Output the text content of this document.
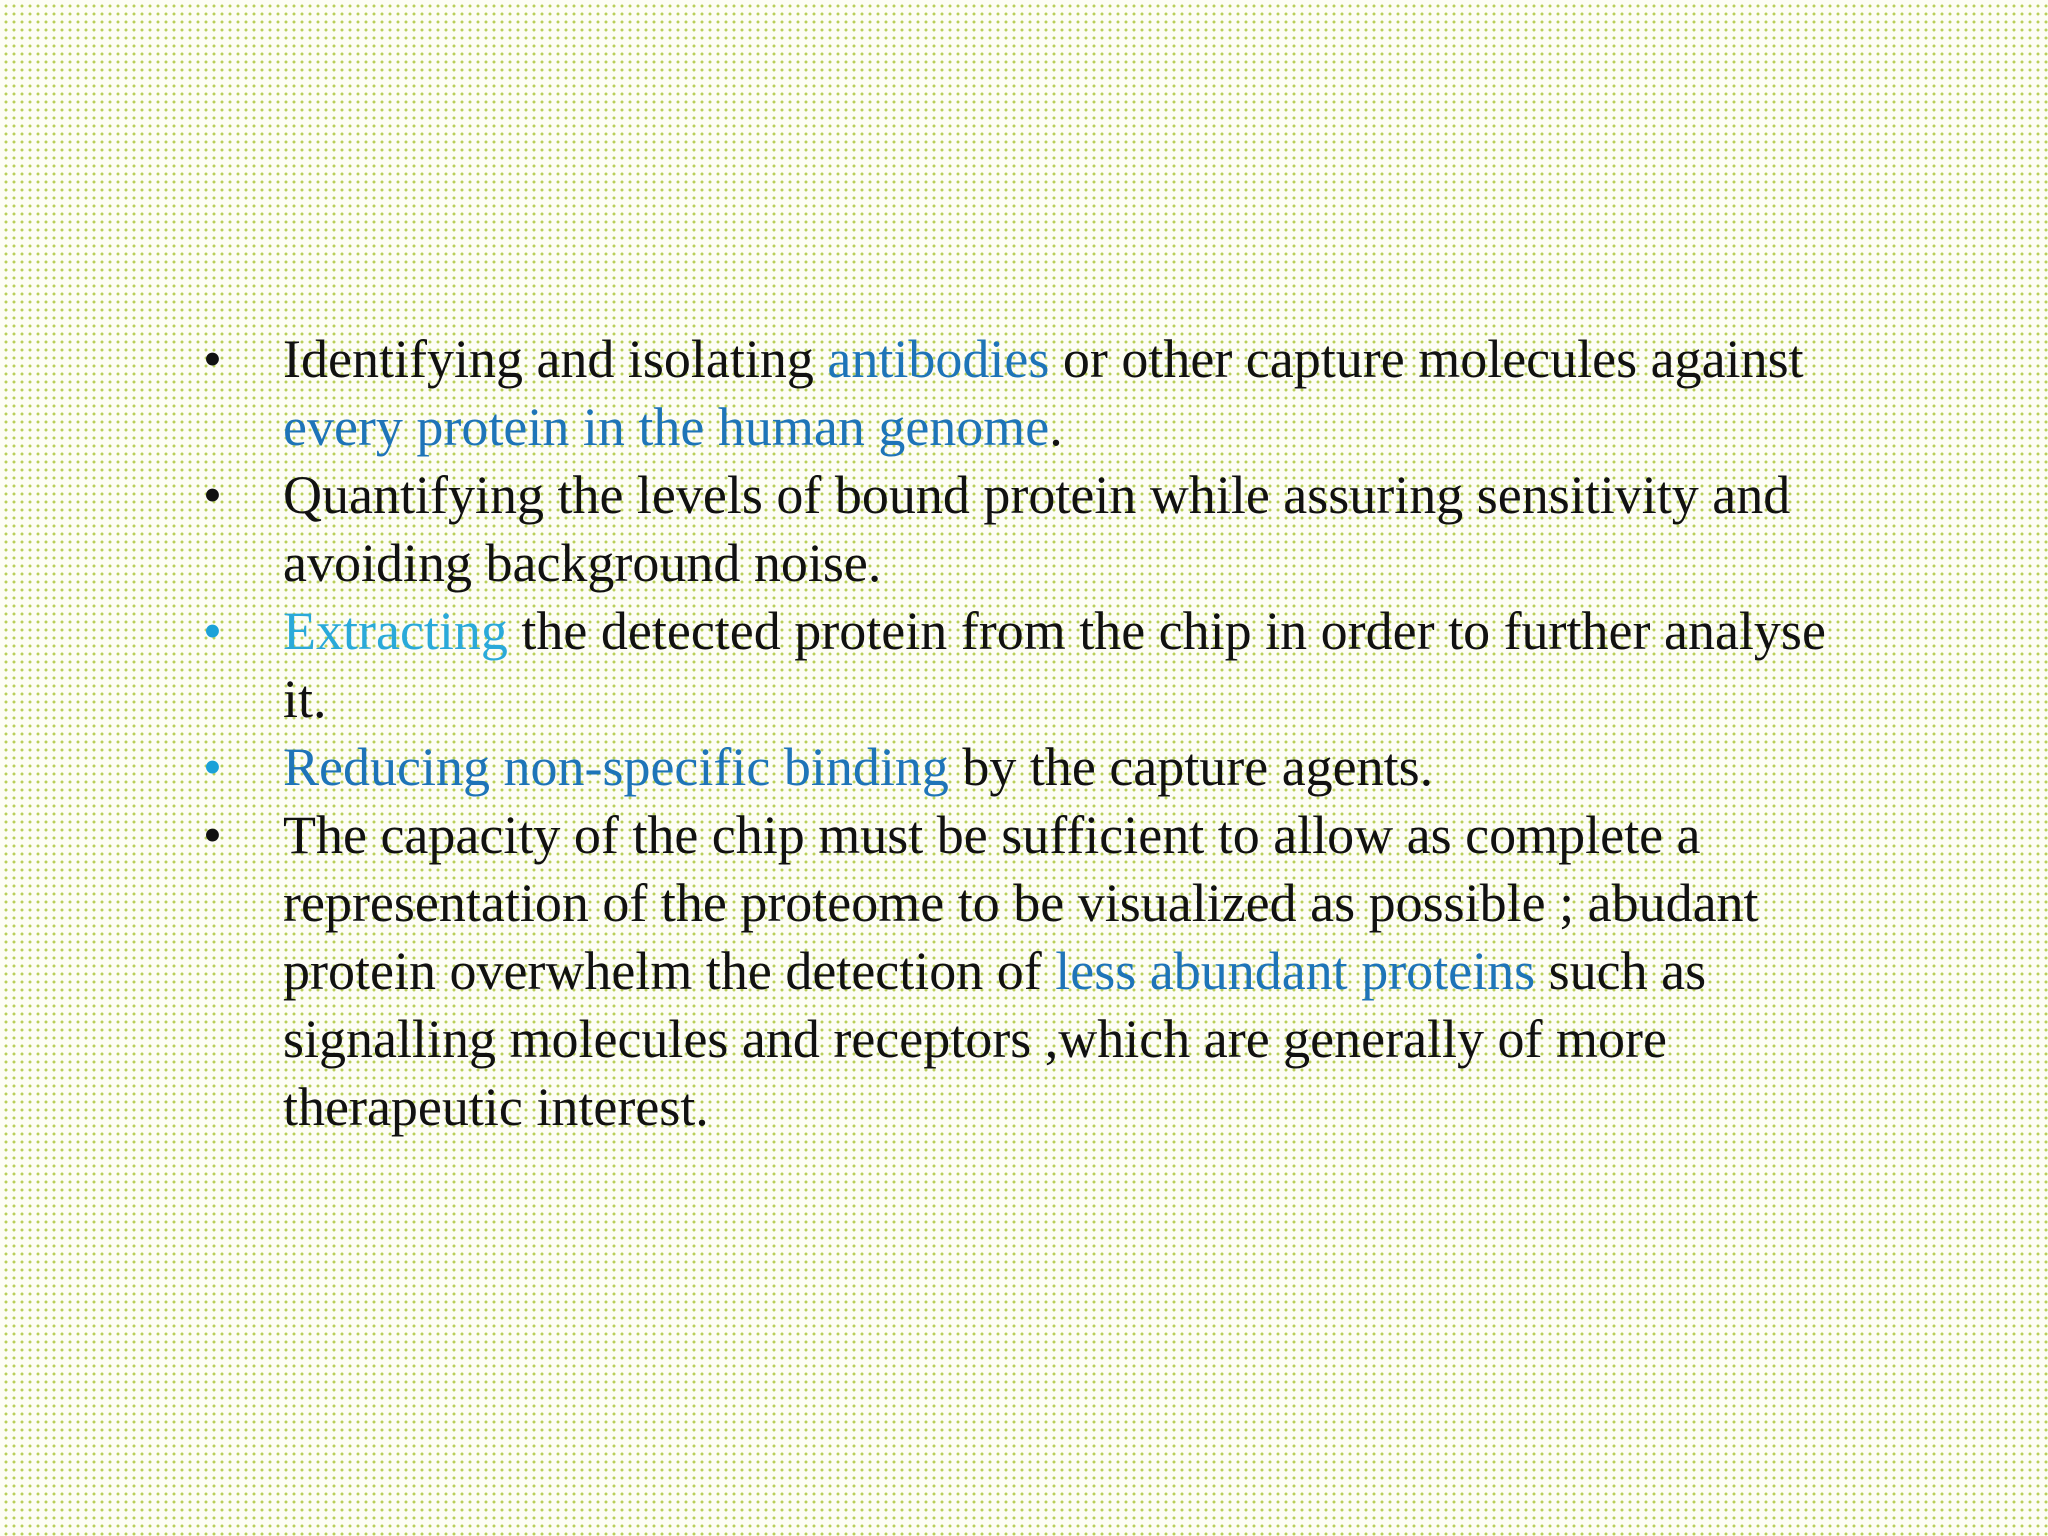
•	Identifying and isolating antibodies or other capture molecules against every protein in the human genome.
•	Quantifying the levels of bound protein while assuring sensitivity and avoiding background noise.
•	Extracting the detected protein from the chip in order to further analyse it.
•	Reducing non-specific binding by the capture agents.
•	The capacity of the chip must be sufficient to allow as complete a representation of the proteome to be visualized as possible ; abudant protein overwhelm the detection of less abundant proteins such as signalling molecules and receptors ,which are generally of more therapeutic interest.
